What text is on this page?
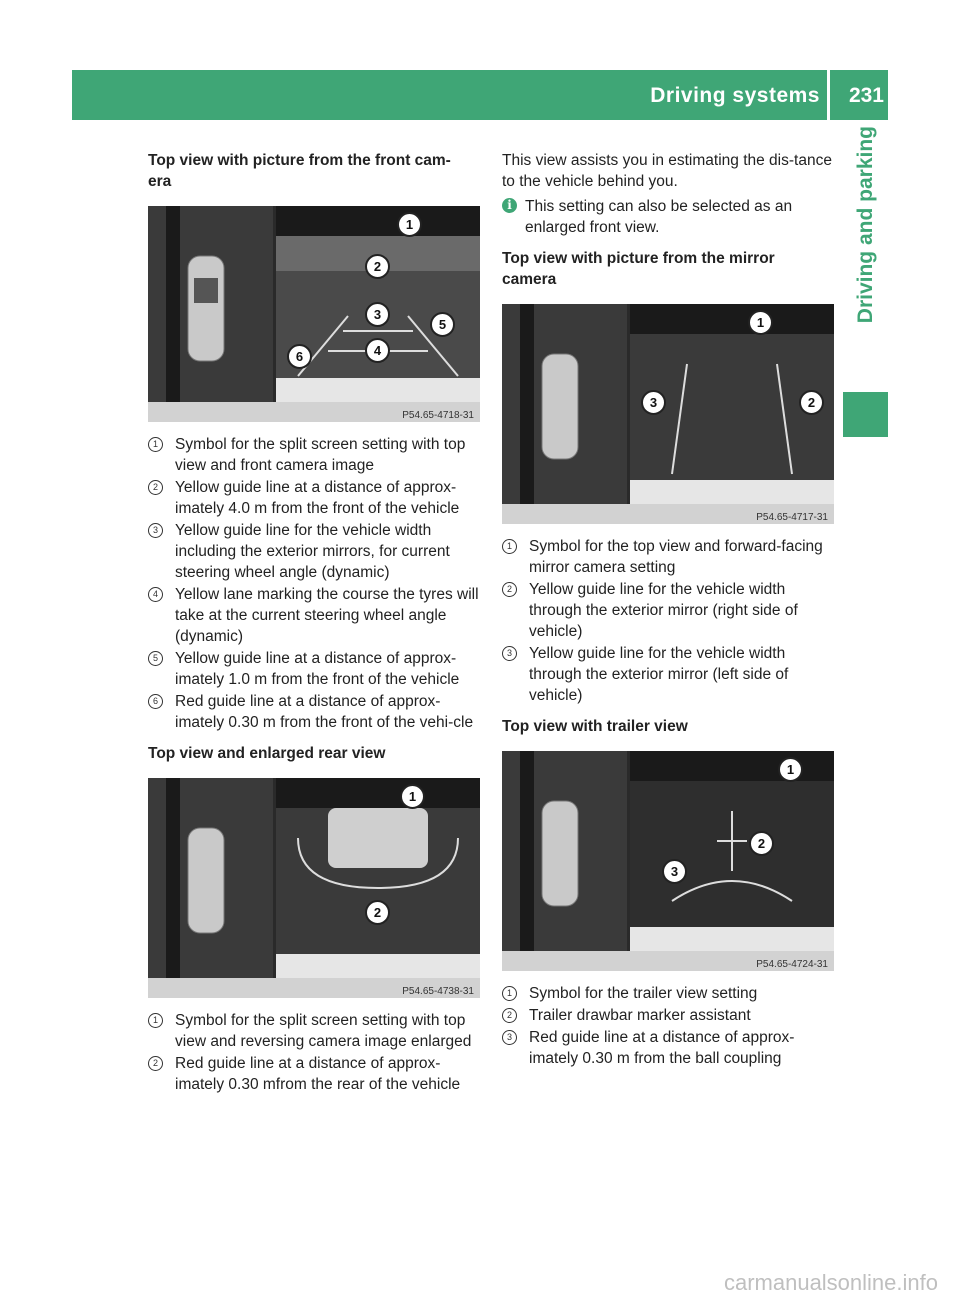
Driving systems 231
Driving and parking
Top view with picture from the front cam-
era
1
2
3
5
4
6
P54.65-4718-31
1	Symbol for the split screen setting with top view and front camera image
2	Yellow guide line at a distance of approx-imately 4.0 m from the front of the vehicle
3	Yellow guide line for the vehicle width including the exterior mirrors, for current steering wheel angle (dynamic)
4	Yellow lane marking the course the tyres will take at the current steering wheel angle (dynamic)
5	Yellow guide line at a distance of approx-imately 1.0 m from the front of the vehicle
6	Red guide line at a distance of approx-imately 0.30 m from the front of the vehi-cle
Top view and enlarged rear view
1
2
P54.65-4738-31
1	Symbol for the split screen setting with top view and reversing camera image enlarged
2	Red guide line at a distance of approx-imately 0.30 mfrom the rear of the vehicle

This view assists you in estimating the dis-tance to the vehicle behind you.

i This setting can also be selected as an enlarged front view.
Top view with picture from the mirror
camera
1
3	2
P54.65-4717-31
1	Symbol for the top view and forward-facing mirror camera setting
2	Yellow guide line for the vehicle width through the exterior mirror (right side of vehicle)
3	Yellow guide line for the vehicle width through the exterior mirror (left side of vehicle)
Top view with trailer view
1
2
3
P54.65-4724-31
1	Symbol for the trailer view setting
2	Trailer drawbar marker assistant
3	Red guide line at a distance of approx-imately 0.30 m from the ball coupling
carmanualsonline.info
